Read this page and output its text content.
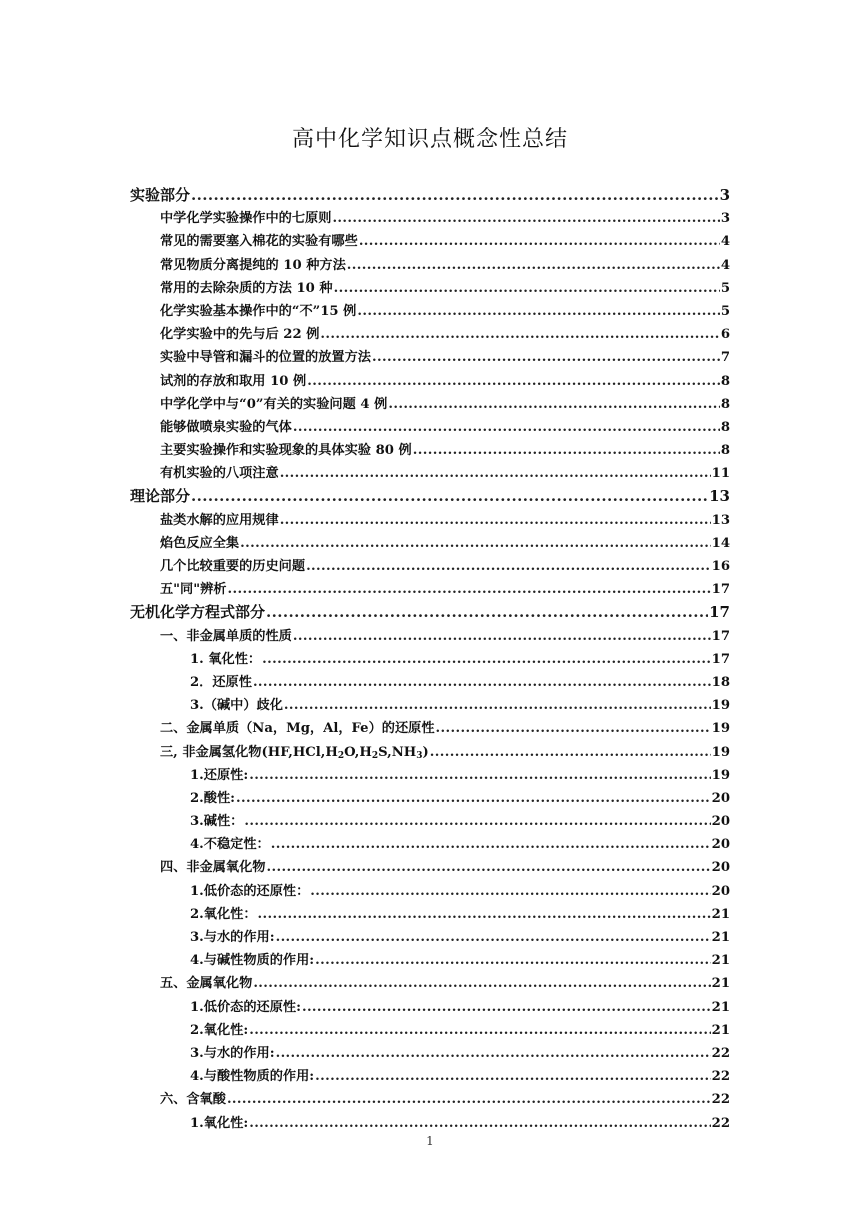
高中化学知识点概念性总结
实验部分 .....	3
中学化学实验操作中的七原则 .....	3
常见的需要塞入棉花的实验有哪些 .....	4
常见物质分离提纯的 10 种方法 .....	4
常用的去除杂质的方法 10 种 .....	5
化学实验基本操作中的“不”15 例 .....	5
化学实验中的先与后 22 例 .....	6
实验中导管和漏斗的位置的放置方法 .....	7
试剂的存放和取用 10 例 .....	8
中学化学中与“0”有关的实验问题 4 例 .....	8
能够做喷泉实验的气体 .....	8
主要实验操作和实验现象的具体实验 80 例 .....	8
有机实验的八项注意 .....	11
理论部分 .....	13
盐类水解的应用规律 .....	13
焰色反应全集 .....	14
几个比较重要的历史问题 .....	16
五"同"辨析 .....	17
无机化学方程式部分 .....	17
一、非金属单质的性质 .....	17
1. 氧化性： .....	17
2．还原性 .....	18
3.（碱中）歧化 .....	19
二、金属单质（Na，Mg，Al，Fe）的还原性 .....	19
三, 非金属氢化物$(HF,HCl,H_2O,H_2S,NH_3)$ .....	19
1.还原性: .....	19
2.酸性: .....	20
3.碱性： .....	20
4.不稳定性： .....	20
四、非金属氧化物 .....	20
1.低价态的还原性： .....	20
2.氧化性： .....	21
3.与水的作用: .....	21
4.与碱性物质的作用: .....	21
五、金属氧化物 .....	21
1.低价态的还原性: .....	21
2.氧化性: .....	21
3.与水的作用: .....	22
4.与酸性物质的作用: .....	22
六、含氧酸 .....	22
1.氧化性: .....	22
1
